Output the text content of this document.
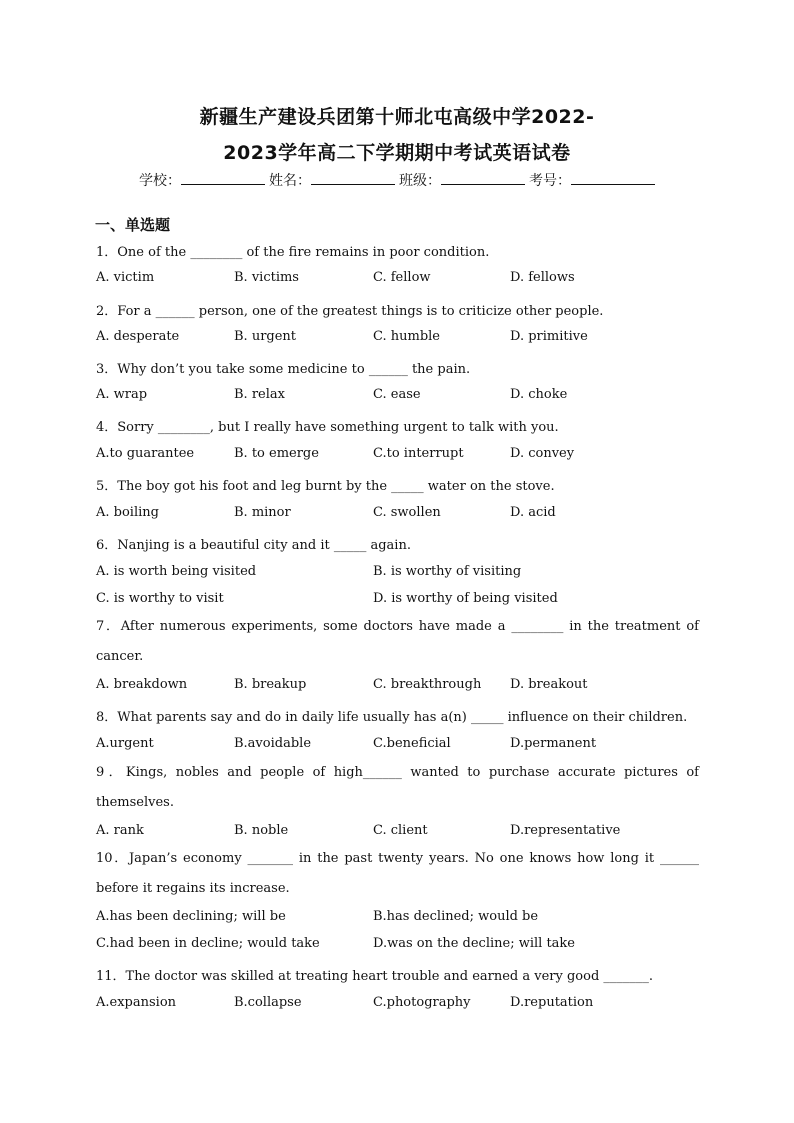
新疆生产建设兵团第十师北屯高级中学2022-
2023学年高二下学期期中考试英语试卷
学校：	姓名：	班级：	考号：
一、单选题
1．One of the ________ of the fire remains in poor condition.
A. victim	B. victims	C. fellow	D. fellows
2．For a ______ person, one of the greatest things is to criticize other people.
A. desperate	B. urgent	C. humble	D. primitive
3．Why don’t you take some medicine to ______ the pain.
A. wrap	B. relax	C. ease	D. choke
4．Sorry ________, but I really have something urgent to talk with you.
A.to guarantee	B. to emerge	C.to interrupt	D. convey
5．The boy got his foot and leg burnt by the _____ water on the stove.
A. boiling	B. minor	C. swollen	D. acid
6．Nanjing is a beautiful city and it _____ again.
A. is worth being visited	B. is worthy of visiting
C. is worthy to visit	D. is worthy of being visited
7．After numerous experiments, some doctors have made a ________ in the treatment of cancer.
A. breakdown	B. breakup	C. breakthrough D. breakout
8．What parents say and do in daily life usually has a(n) _____ influence on their children.
A.urgent	B.avoidable	C.beneficial	D.permanent
9．Kings, nobles and people of high______ wanted to purchase accurate pictures of themselves.
A. rank	B. noble	C. client	D.representative
10．Japan’s economy _______ in the past twenty years. No one knows how long it ______ before it regains its increase.
A.has been declining; will be	B.has declined; would be
C.had been in decline; would take	D.was on the decline; will take
11．The doctor was skilled at treating heart trouble and earned a very good _______.
A.expansion	B.collapse	C.photography	D.reputation
